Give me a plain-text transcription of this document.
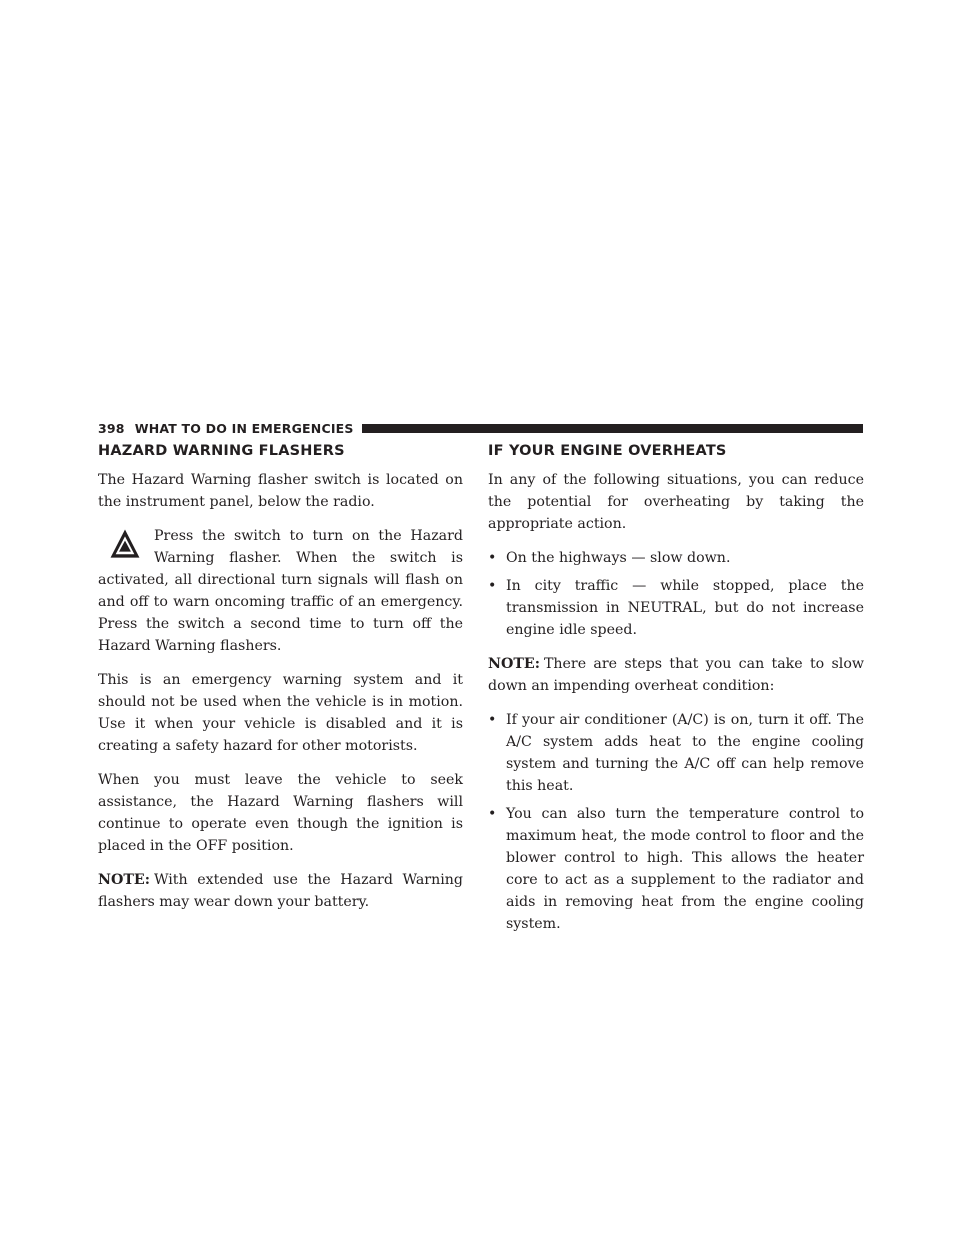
398 WHAT TO DO IN EMERGENCIES
HAZARD WARNING FLASHERS

The Hazard Warning flasher switch is located on the instrument panel, below the radio.

Press the switch to turn on the Hazard Warning flasher. When the switch is activated, all directional turn signals will flash on and off to warn oncoming traffic of an emergency. Press the switch a second time to turn off the Hazard Warning flashers.

This is an emergency warning system and it should not be used when the vehicle is in motion. Use it when your vehicle is disabled and it is creating a safety hazard for other motorists.

When you must leave the vehicle to seek assistance, the Hazard Warning flashers will continue to operate even though the ignition is placed in the OFF position.

NOTE: With extended use the Hazard Warning flashers may wear down your battery.

IF YOUR ENGINE OVERHEATS

In any of the following situations, you can reduce the potential for overheating by taking the appropriate action.

• On the highways — slow down.
• In city traffic — while stopped, place the transmission in NEUTRAL, but do not increase engine idle speed.

NOTE: There are steps that you can take to slow down an impending overheat condition:

• If your air conditioner (A/C) is on, turn it off. The A/C system adds heat to the engine cooling system and turning the A/C off can help remove this heat.
• You can also turn the temperature control to maximum heat, the mode control to floor and the blower control to high. This allows the heater core to act as a supplement to the radiator and aids in removing heat from the engine cooling system.
